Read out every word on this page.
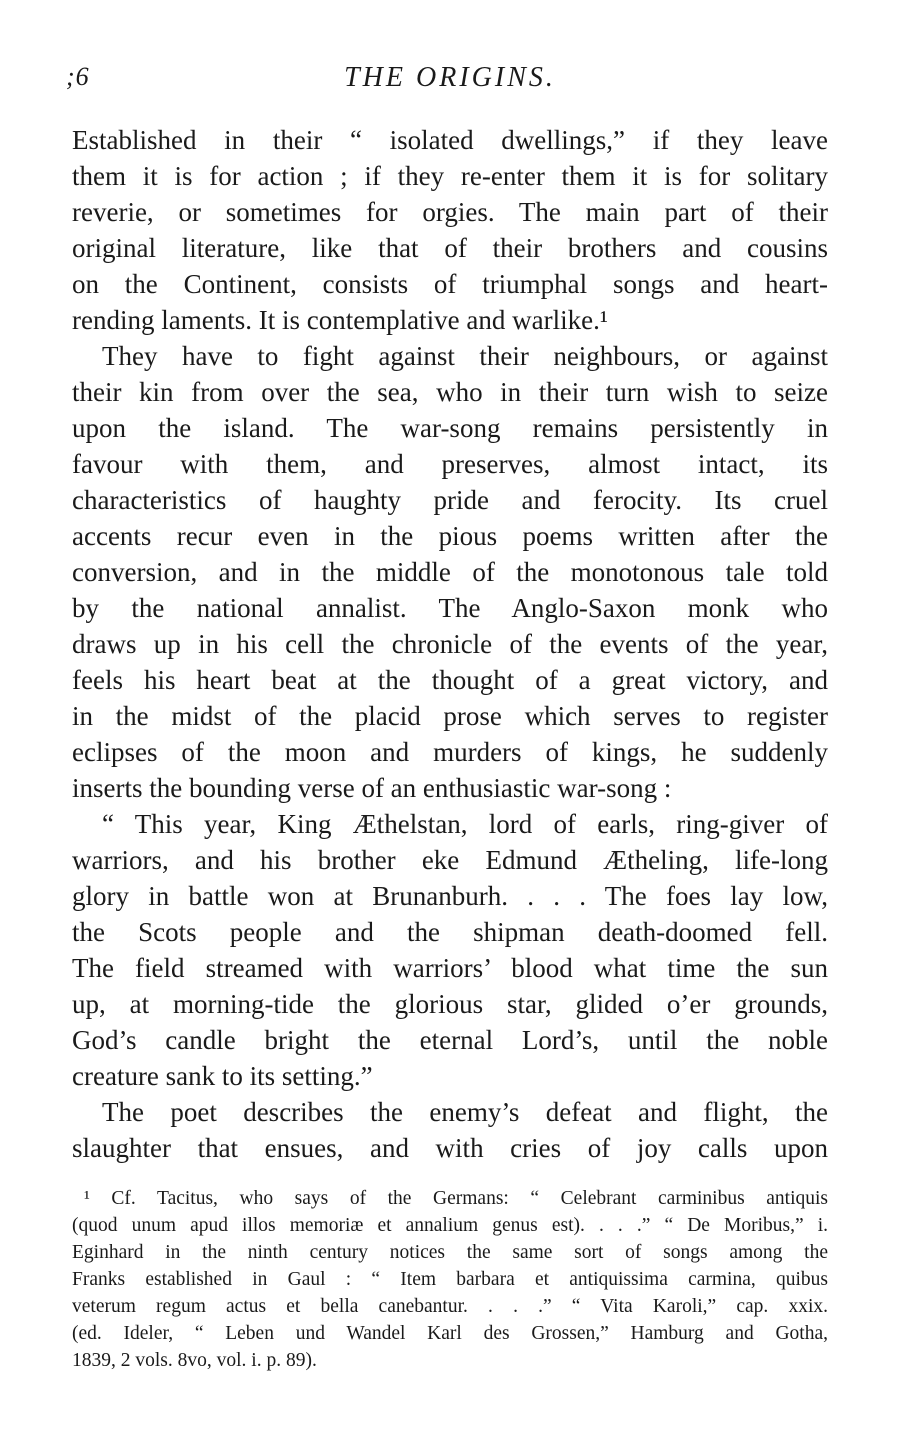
;6	THE ORIGINS.
Established in their “ isolated dwellings,” if they leave
them it is for action ; if they re-enter them it is for solitary
reverie, or sometimes for orgies. The main part of their
original literature, like that of their brothers and cousins
on the Continent, consists of triumphal songs and heart-
rending laments. It is contemplative and warlike.¹
They have to fight against their neighbours, or against
their kin from over the sea, who in their turn wish to seize
upon the island. The war-song remains persistently in
favour with them, and preserves, almost intact, its
characteristics of haughty pride and ferocity. Its cruel
accents recur even in the pious poems written after the
conversion, and in the middle of the monotonous tale told
by the national annalist. The Anglo-Saxon monk who
draws up in his cell the chronicle of the events of the year,
feels his heart beat at the thought of a great victory, and
in the midst of the placid prose which serves to register
eclipses of the moon and murders of kings, he suddenly
inserts the bounding verse of an enthusiastic war-song :
“ This year, King Æthelstan, lord of earls, ring-giver of
warriors, and his brother eke Edmund Ætheling, life-long
glory in battle won at Brunanburh. . . . The foes lay low,
the Scots people and the shipman death-doomed fell.
The field streamed with warriors’ blood what time the sun
up, at morning-tide the glorious star, glided o’er grounds,
God’s candle bright the eternal Lord’s, until the noble
creature sank to its setting.”
The poet describes the enemy’s defeat and flight, the
slaughter that ensues, and with cries of joy calls upon
¹ Cf. Tacitus, who says of the Germans: “ Celebrant carminibus antiquis
(quod unum apud illos memoriæ et annalium genus est). . . .” “ De Moribus,” i.
Eginhard in the ninth century notices the same sort of songs among the
Franks established in Gaul : “ Item barbara et antiquissima carmina, quibus
veterum regum actus et bella canebantur. . . .” “ Vita Karoli,” cap. xxix.
(ed. Ideler, “ Leben und Wandel Karl des Grossen,” Hamburg and Gotha,
1839, 2 vols. 8vo, vol. i. p. 89).
